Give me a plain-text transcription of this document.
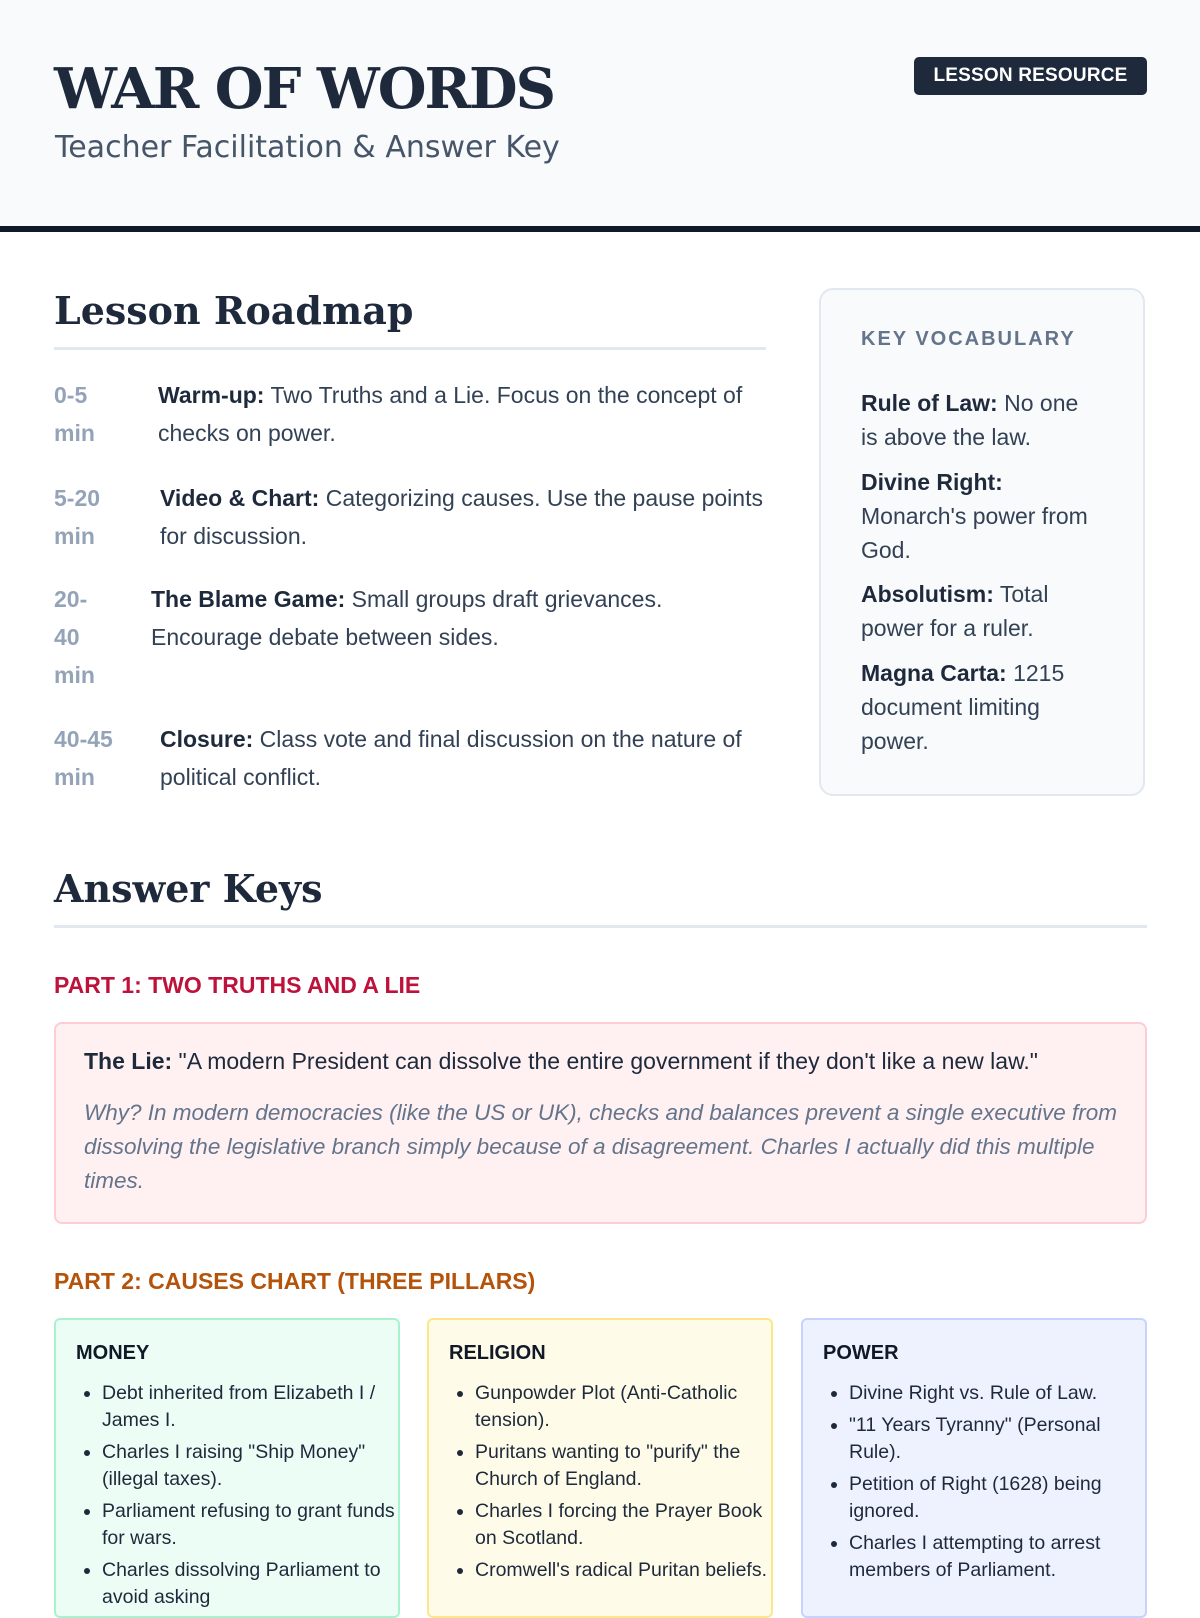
WAR OF WORDS
Teacher Facilitation & Answer Key
LESSON RESOURCE
Lesson Roadmap
0-5 min
Warm-up: Two Truths and a Lie. Focus on the concept of checks on power.
5-20 min
Video & Chart: Categorizing causes. Use the pause points for discussion.
20-40 min
The Blame Game: Small groups draft grievances. Encourage debate between sides.
40-45 min
Closure: Class vote and final discussion on the nature of political conflict.
KEY VOCABULARY
Rule of Law: No one is above the law.
Divine Right: Monarch's power from God.
Absolutism: Total power for a ruler.
Magna Carta: 1215 document limiting power.
Answer Keys
PART 1: TWO TRUTHS AND A LIE
The Lie: "A modern President can dissolve the entire government if they don't like a new law."
Why? In modern democracies (like the US or UK), checks and balances prevent a single executive from dissolving the legislative branch simply because of a disagreement. Charles I actually did this multiple times.
PART 2: CAUSES CHART (THREE PILLARS)
MONEY
• Debt inherited from Elizabeth I / James I.
• Charles I raising "Ship Money" (illegal taxes).
• Parliament refusing to grant funds for wars.
• Charles dissolving Parliament to avoid asking
RELIGION
• Gunpowder Plot (Anti-Catholic tension).
• Puritans wanting to "purify" the Church of England.
• Charles I forcing the Prayer Book on Scotland.
• Cromwell's radical Puritan beliefs.
POWER
• Divine Right vs. Rule of Law.
• "11 Years Tyranny" (Personal Rule).
• Petition of Right (1628) being ignored.
• Charles I attempting to arrest members of Parliament.
